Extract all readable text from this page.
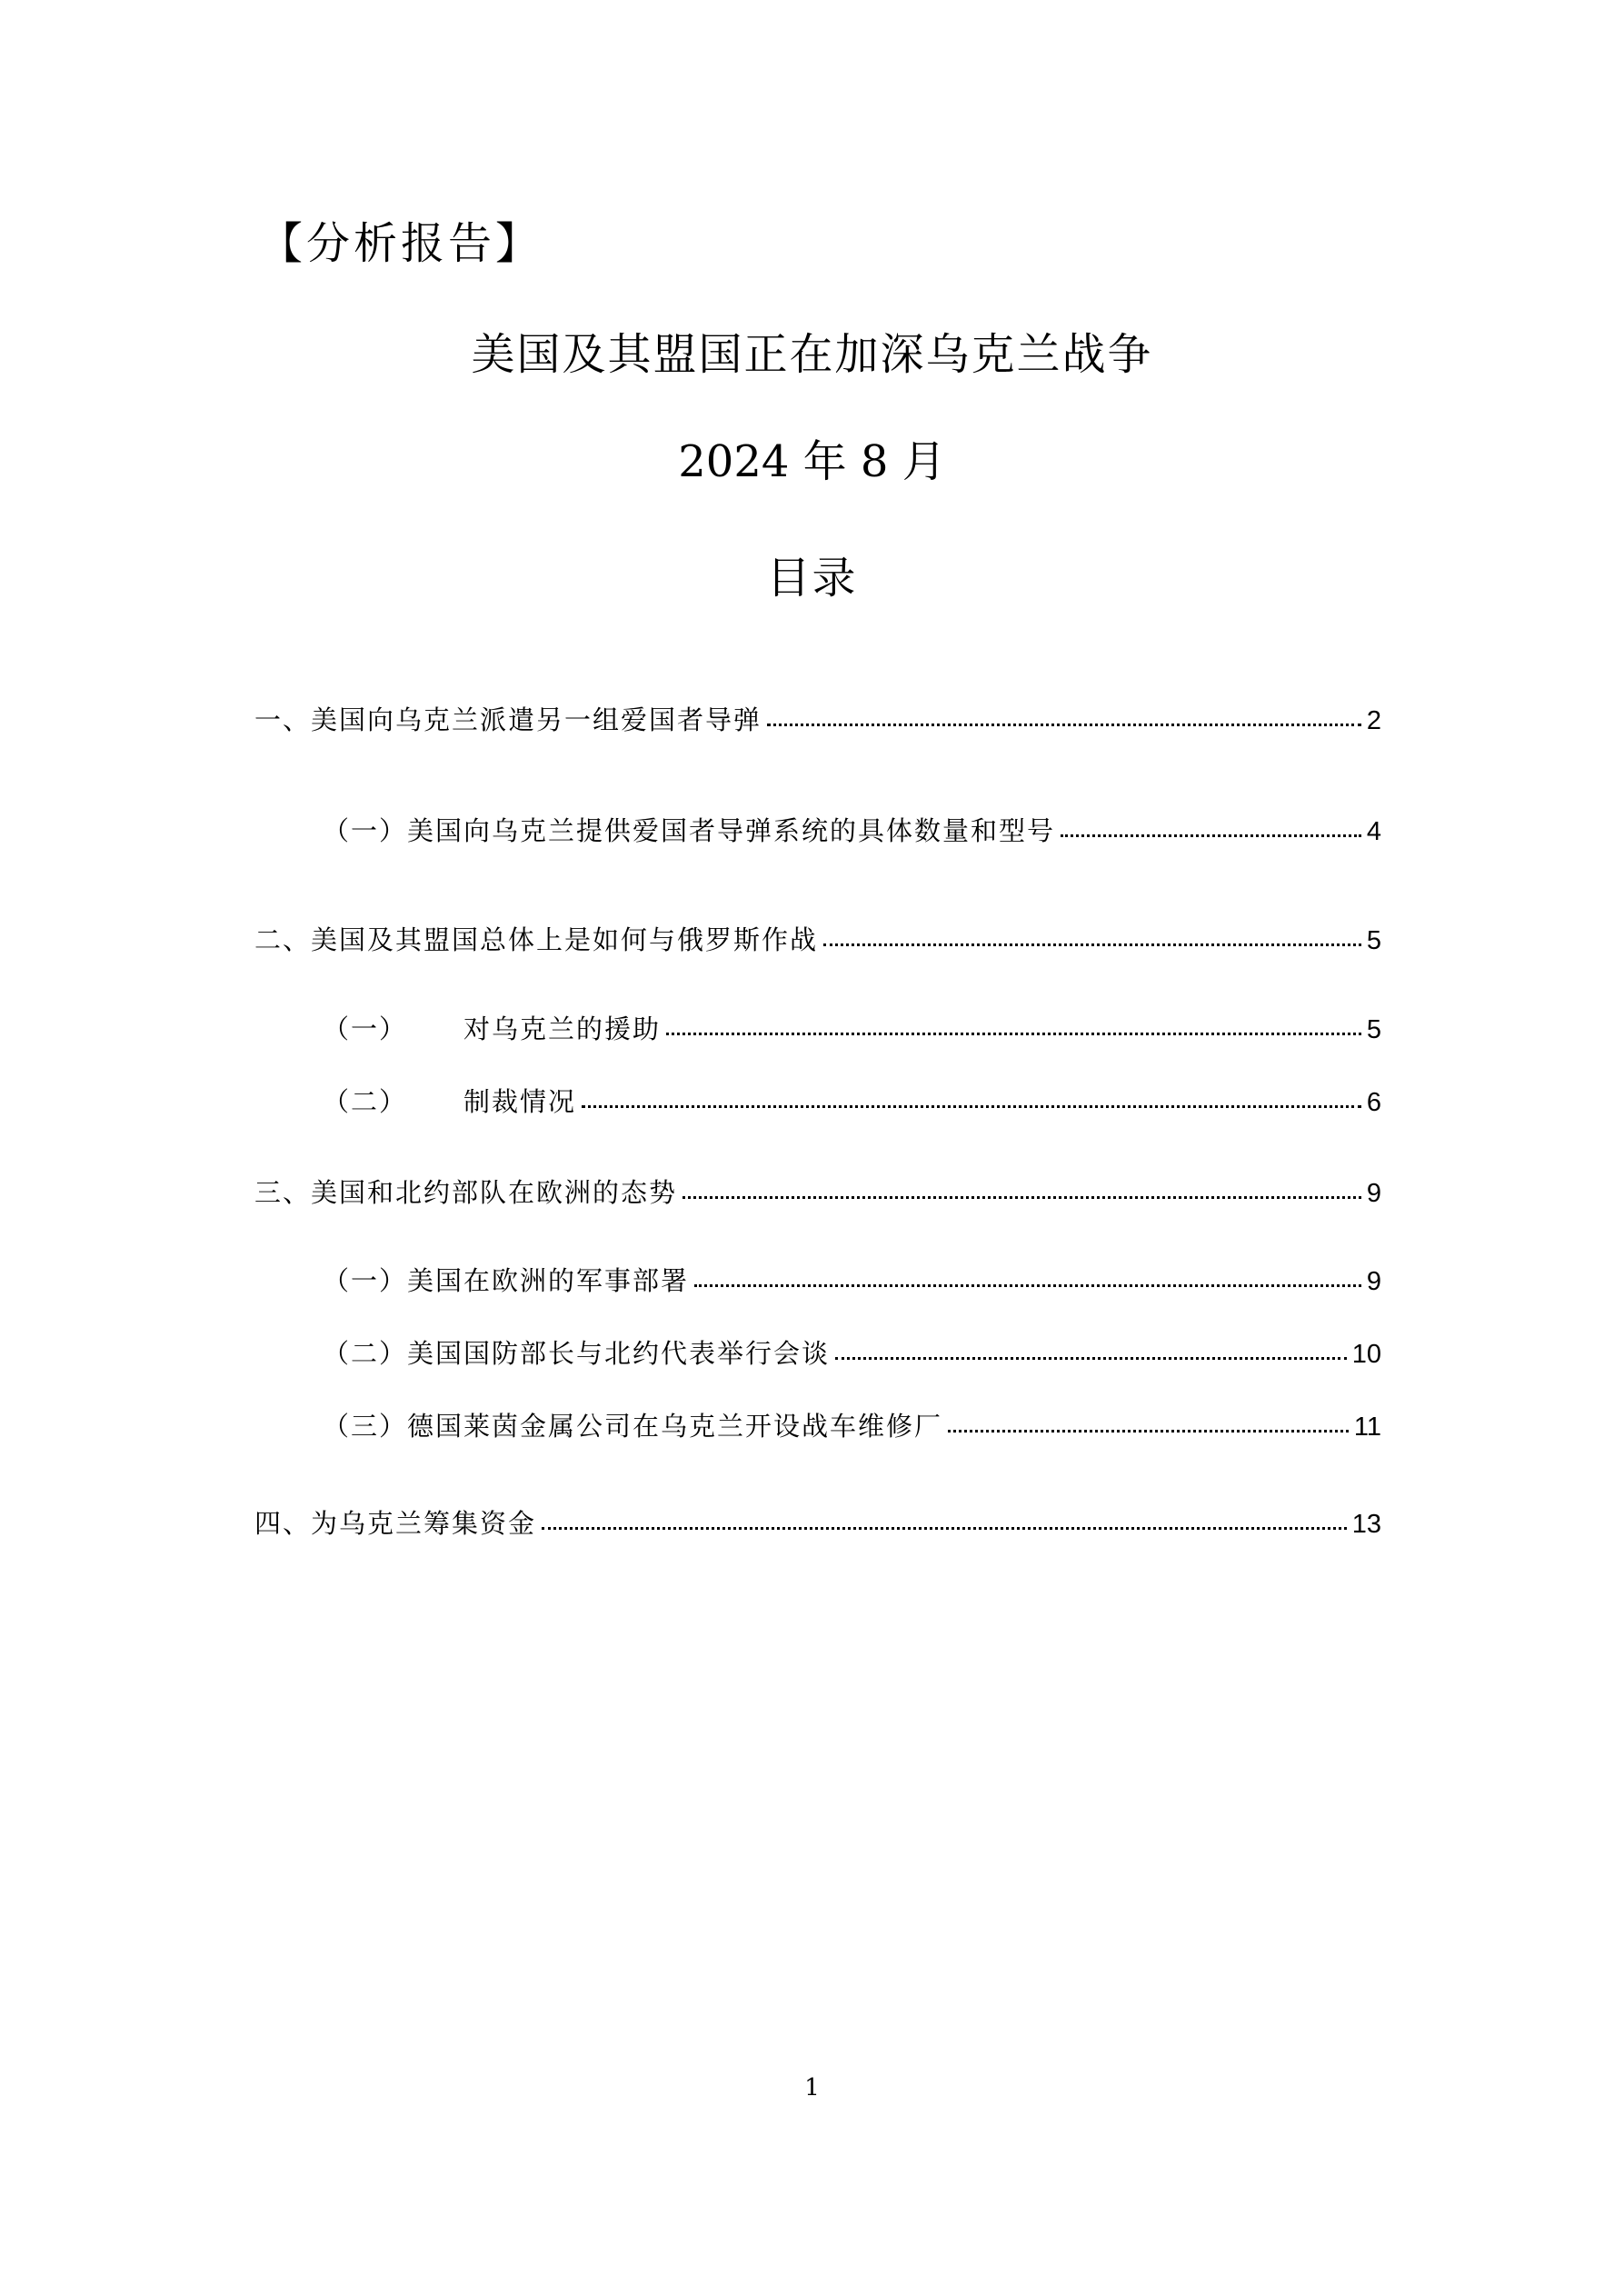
【分析报告】
美国及其盟国正在加深乌克兰战争
2024 年 8 月
目录
一、美国向乌克兰派遣另一组爱国者导弹	2
（一）美国向乌克兰提供爱国者导弹系统的具体数量和型号	4
二、美国及其盟国总体上是如何与俄罗斯作战	5
（一） 对乌克兰的援助	5
（二） 制裁情况	6
三、美国和北约部队在欧洲的态势	9
（一）美国在欧洲的军事部署	9
（二）美国国防部长与北约代表举行会谈	10
（三）德国莱茵金属公司在乌克兰开设战车维修厂	11
四、为乌克兰筹集资金	13
1
